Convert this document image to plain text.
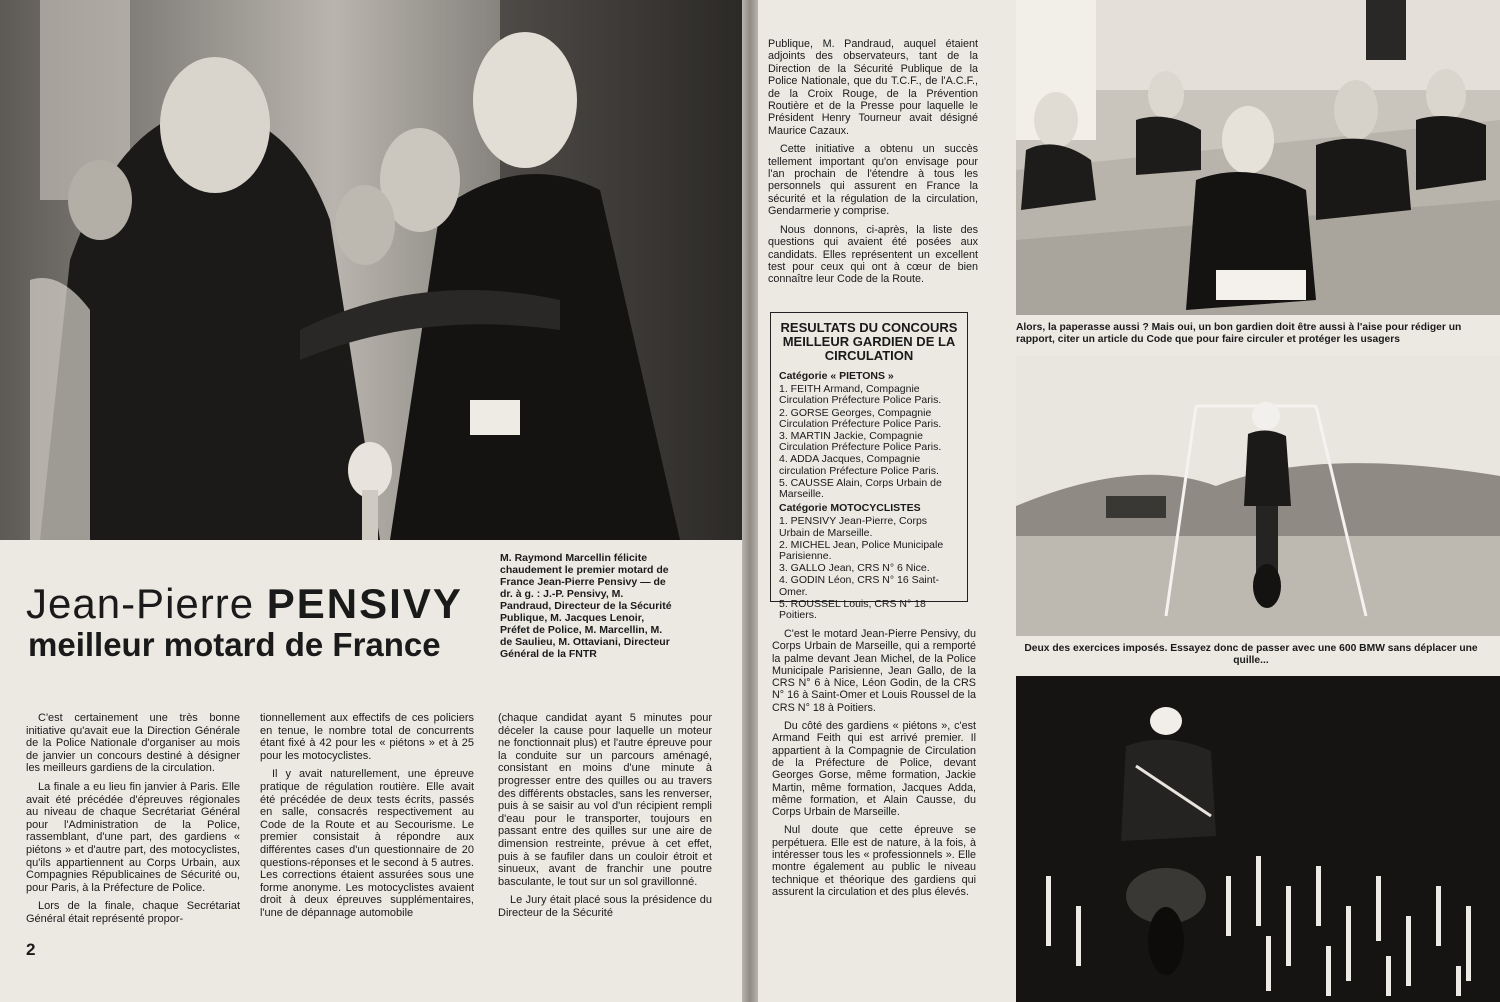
M. Raymond Marcellin félicite chaudement le premier motard de France Jean-Pierre Pensivy — de dr. à g. : J.-P. Pensivy, M. Pandraud, Directeur de la Sécurité Publique, M. Jacques Lenoir, Préfet de Police, M. Marcellin, M. de Saulieu, M. Ottaviani, Directeur Général de la FNTR
Jean-Pierre PENSIVY
meilleur motard de France

C'est certainement une très bonne initiative qu'avait eue la Direction Générale de la Police Nationale d'organiser au mois de janvier un concours destiné à désigner les meilleurs gardiens de la circulation.

La finale a eu lieu fin janvier à Paris. Elle avait été précédée d'épreuves régionales au niveau de chaque Secrétariat Général pour l'Administration de la Police, rassemblant, d'une part, des gardiens « piétons » et d'autre part, des motocyclistes, qu'ils appartiennent au Corps Urbain, aux Compagnies Républicaines de Sécurité ou, pour Paris, à la Préfecture de Police.

Lors de la finale, chaque Secrétariat Général était représenté propor-

tionnellement aux effectifs de ces policiers en tenue, le nombre total de concurrents étant fixé à 42 pour les « piétons » et à 25 pour les motocyclistes.

Il y avait naturellement, une épreuve pratique de régulation routière. Elle avait été précédée de deux tests écrits, passés en salle, consacrés respectivement au Code de la Route et au Secourisme. Le premier consistait à répondre aux différentes cases d'un questionnaire de 20 questions-réponses et le second à 5 autres. Les corrections étaient assurées sous une forme anonyme. Les motocyclistes avaient droit à deux épreuves supplémentaires, l'une de dépannage automobile

(chaque candidat ayant 5 minutes pour déceler la cause pour laquelle un moteur ne fonctionnait plus) et l'autre épreuve pour la conduite sur un parcours aménagé, consistant en moins d'une minute à progresser entre des quilles ou au travers des différents obstacles, sans les renverser, puis à se saisir au vol d'un récipient rempli d'eau pour le transporter, toujours en passant entre des quilles sur une aire de dimension restreinte, prévue à cet effet, puis à se faufiler dans un couloir étroit et sinueux, avant de franchir une poutre basculante, le tout sur un sol gravillonné.

Le Jury était placé sous la présidence du Directeur de la Sécurité

2

Publique, M. Pandraud, auquel étaient adjoints des observateurs, tant de la Direction de la Sécurité Publique de la Police Nationale, que du T.C.F., de l'A.C.F., de la Croix Rouge, de la Prévention Routière et de la Presse pour laquelle le Président Henry Tourneur avait désigné Maurice Cazaux.

Cette initiative a obtenu un succès tellement important qu'on envisage pour l'an prochain de l'étendre à tous les personnels qui assurent en France la sécurité et la régulation de la circulation, Gendarmerie y comprise.

Nous donnons, ci-après, la liste des questions qui avaient été posées aux candidats. Elles représentent un excellent test pour ceux qui ont à cœur de bien connaître leur Code de la Route.

RESULTATS DU CONCOURS MEILLEUR GARDIEN DE LA CIRCULATION
Catégorie « PIETONS »
1. FEITH Armand, Compagnie Circulation Préfecture Police Paris.
2. GORSE Georges, Compagnie Circulation Préfecture Police Paris.
3. MARTIN Jackie, Compagnie Circulation Préfecture Police Paris.
4. ADDA Jacques, Compagnie circulation Préfecture Police Paris.
5. CAUSSE Alain, Corps Urbain de Marseille.
Catégorie MOTOCYCLISTES
1. PENSIVY Jean-Pierre, Corps Urbain de Marseille.
2. MICHEL Jean, Police Municipale Parisienne.
3. GALLO Jean, CRS N° 6 Nice.
4. GODIN Léon, CRS N° 16 Saint-Omer.
5. ROUSSEL Louis, CRS N° 18 Poitiers.

C'est le motard Jean-Pierre Pensivy, du Corps Urbain de Marseille, qui a remporté la palme devant Jean Michel, de la Police Municipale Parisienne, Jean Gallo, de la CRS N° 6 à Nice, Léon Godin, de la CRS N° 16 à Saint-Omer et Louis Roussel de la CRS N° 18 à Poitiers.

Du côté des gardiens « piétons », c'est Armand Feith qui est arrivé premier. Il appartient à la Compagnie de Circulation de la Préfecture de Police, devant Georges Gorse, même formation, Jackie Martin, même formation, Jacques Adda, même formation, et Alain Causse, du Corps Urbain de Marseille.

Nul doute que cette épreuve se perpétuera. Elle est de nature, à la fois, à intéresser tous les « professionnels ». Elle montre également au public le niveau technique et théorique des gardiens qui assurent la circulation et des plus élevés.

Alors, la paperasse aussi ? Mais oui, un bon gardien doit être aussi à l'aise pour rédiger un rapport, citer un article du Code que pour faire circuler et protéger les usagers
Deux des exercices imposés. Essayez donc de passer avec une 600 BMW sans déplacer une quille...
